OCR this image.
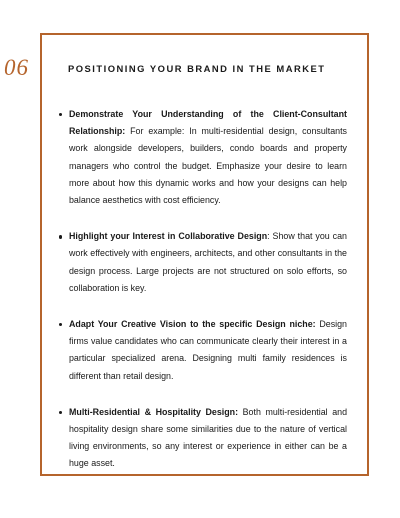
06	POSITIONING YOUR BRAND IN THE MARKET
Demonstrate Your Understanding of the Client-Consultant Relationship: For example: In multi-residential design, consultants work alongside developers, builders, condo boards and property managers who control the budget. Emphasize your desire to learn more about how this dynamic works and how your designs can help balance aesthetics with cost efficiency.
Highlight your Interest in Collaborative Design: Show that you can work effectively with engineers, architects, and other consultants in the design process. Large projects are not structured on solo efforts, so collaboration is key.
Adapt Your Creative Vision to the specific Design niche: Design firms value candidates who can communicate clearly their interest in a particular specialized arena. Designing multi family residences is different than retail design.
Multi-Residential & Hospitality Design: Both multi-residential and hospitality design share some similarities due to the nature of vertical living environments, so any interest or experience in either can be a huge asset.
